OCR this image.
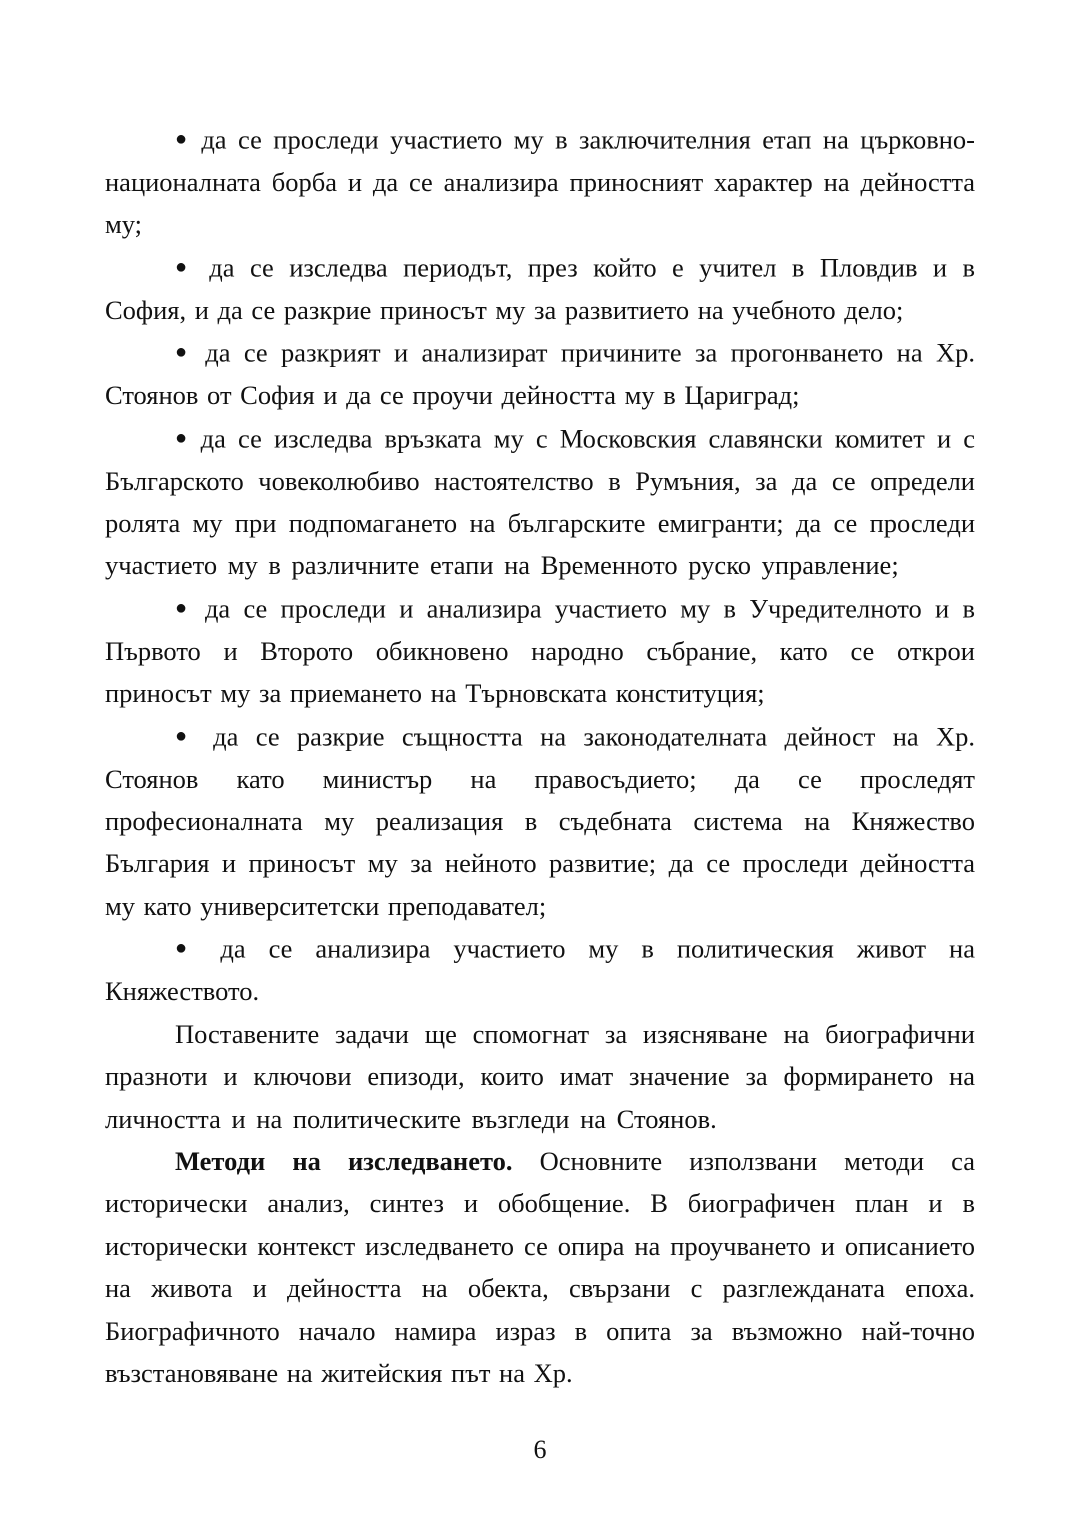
● да се проследи участието му в заключителния етап на църковно-националната борба и да се анализира приносният характер на дейността му;

● да се изследва периодът, през който е учител в Пловдив и в София, и да се разкрие приносът му за развитието на учебното дело;

● да се разкрият и анализират причините за прогонването на Хр. Стоянов от София и да се проучи дейността му в Цариград;

● да се изследва връзката му с Московския славянски комитет и с Българското човеколюбиво настоятелство в Румъния, за да се определи ролята му при подпомагането на българските емигранти; да се проследи участието му в различните етапи на Временното руско управление;

● да се проследи и анализира участието му в Учредителното и в Първото и Второто обикновено народно събрание, като се открои приносът му за приемането на Търновската конституция;

● да се разкрие същността на законодателната дейност на Хр. Стоянов като министър на правосъдието; да се проследят професионалната му реализация в съдебната система на Княжество България и приносът му за нейното развитие; да се проследи дейността му като университетски преподавател;

● да се анализира участието му в политическия живот на Княжеството.

Поставените задачи ще спомогнат за изясняване на биографични празноти и ключови епизоди, които имат значение за формирането на личността и на политическите възгледи на Стоянов.

Методи на изследването. Основните използвани методи са исторически анализ, синтез и обобщение. В биографичен план и в исторически контекст изследването се опира на проучването и описанието на живота и дейността на обекта, свързани с разглежданата епоха. Биографичното начало намира израз в опита за възможно най-точно възстановяване на житейския път на Хр.

6
